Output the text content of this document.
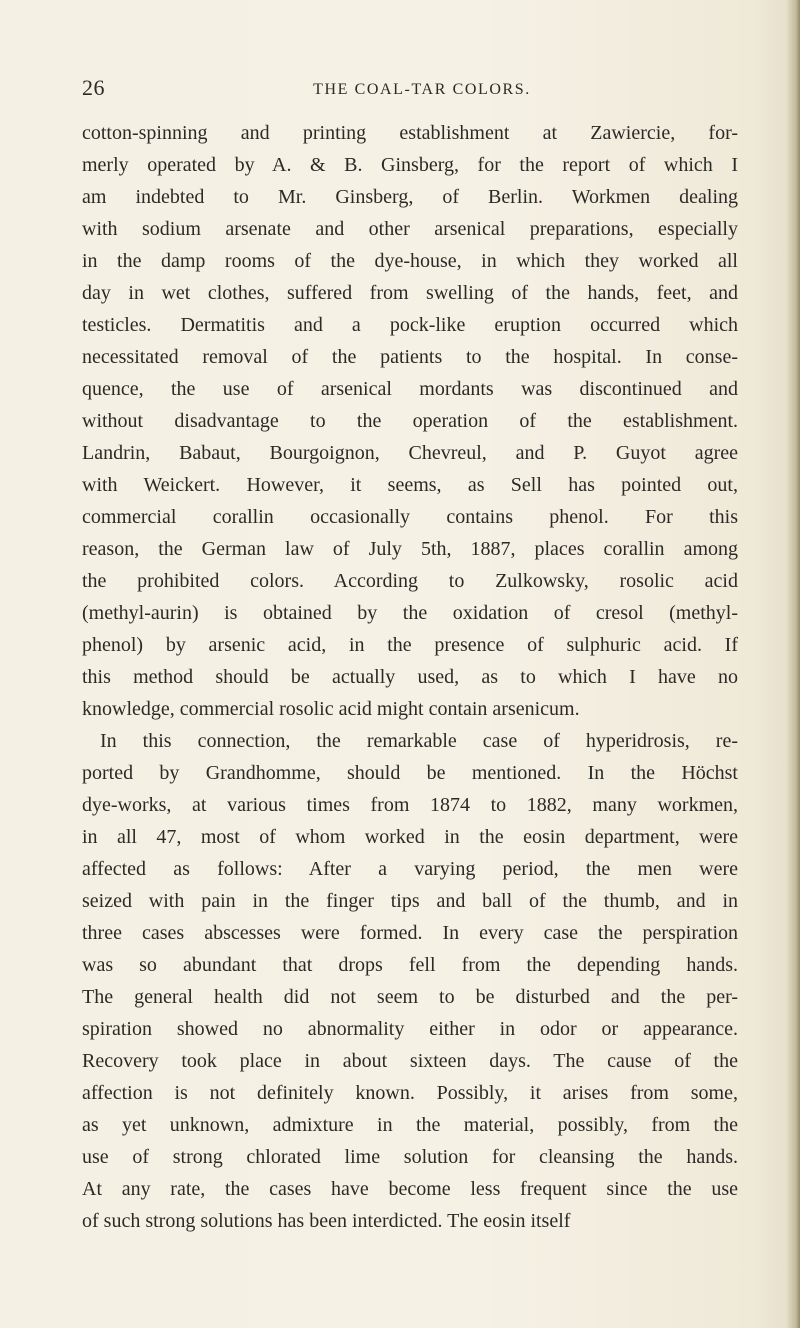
26	THE COAL-TAR COLORS.
cotton-spinning and printing establishment at Zawiercie, for-
merly operated by A. & B. Ginsberg, for the report of which I
am indebted to Mr. Ginsberg, of Berlin. Workmen dealing
with sodium arsenate and other arsenical preparations, especially
in the damp rooms of the dye-house, in which they worked all
day in wet clothes, suffered from swelling of the hands, feet, and
testicles. Dermatitis and a pock-like eruption occurred which
necessitated removal of the patients to the hospital. In conse-
quence, the use of arsenical mordants was discontinued and
without disadvantage to the operation of the establishment.
Landrin, Babaut, Bourgoignon, Chevreul, and P. Guyot agree
with Weickert. However, it seems, as Sell has pointed out,
commercial corallin occasionally contains phenol. For this
reason, the German law of July 5th, 1887, places corallin among
the prohibited colors. According to Zulkowsky, rosolic acid
(methyl-aurin) is obtained by the oxidation of cresol (methyl-
phenol) by arsenic acid, in the presence of sulphuric acid. If
this method should be actually used, as to which I have no
knowledge, commercial rosolic acid might contain arsenicum.
In this connection, the remarkable case of hyperidrosis, re-
ported by Grandhomme, should be mentioned. In the Höchst
dye-works, at various times from 1874 to 1882, many workmen,
in all 47, most of whom worked in the eosin department, were
affected as follows: After a varying period, the men were
seized with pain in the finger tips and ball of the thumb, and in
three cases abscesses were formed. In every case the perspiration
was so abundant that drops fell from the depending hands.
The general health did not seem to be disturbed and the per-
spiration showed no abnormality either in odor or appearance.
Recovery took place in about sixteen days. The cause of the
affection is not definitely known. Possibly, it arises from some,
as yet unknown, admixture in the material, possibly, from the
use of strong chlorated lime solution for cleansing the hands.
At any rate, the cases have become less frequent since the use
of such strong solutions has been interdicted. The eosin itself
